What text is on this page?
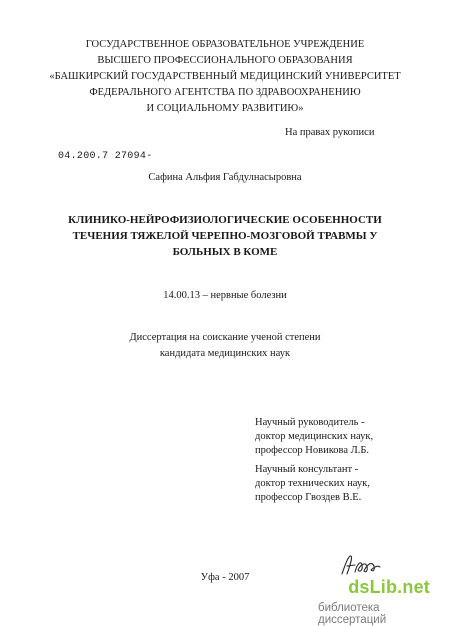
ГОСУДАРСТВЕННОЕ ОБРАЗОВАТЕЛЬНОЕ УЧРЕЖДЕНИЕ
ВЫСШЕГО ПРОФЕССИОНАЛЬНОГО ОБРАЗОВАНИЯ
«БАШКИРСКИЙ ГОСУДАРСТВЕННЫЙ МЕДИЦИНСКИЙ УНИВЕРСИТЕТ
ФЕДЕРАЛЬНОГО АГЕНТСТВА ПО ЗДРАВООХРАНЕНИЮ
И СОЦИАЛЬНОМУ РАЗВИТИЮ»
На правах рукописи
04.200.7 27094-
Сафина Альфия Габдулнасыровна
КЛИНИКО-НЕЙРОФИЗИОЛОГИЧЕСКИЕ ОСОБЕННОСТИ
ТЕЧЕНИЯ ТЯЖЕЛОЙ ЧЕРЕПНО-МОЗГОВОЙ ТРАВМЫ У
БОЛЬНЫХ В КОМЕ
14.00.13 – нервные болезни
Диссертация на соискание ученой степени
кандидата медицинских наук
Научный руководитель -
доктор медицинских наук,
профессор Новикова Л.Б.
Научный консультант -
доктор технических наук,
профессор Гвоздев В.Е.
Уфа - 2007	dsLib.net
библиотека диссертаций
